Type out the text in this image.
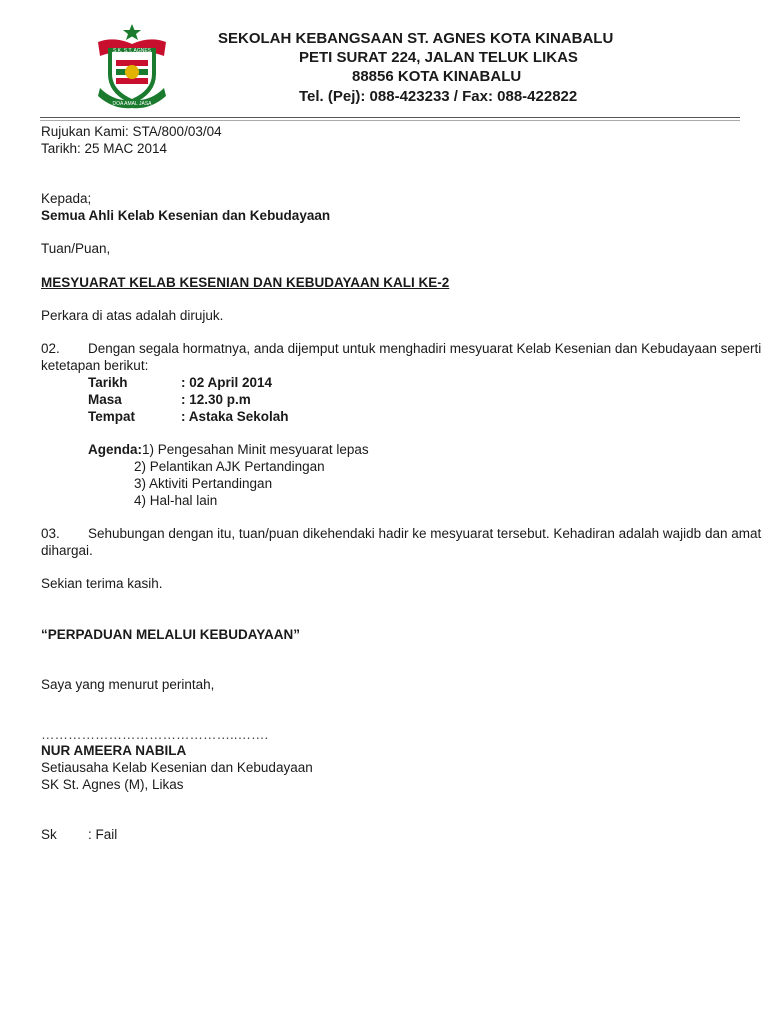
S.K. S.T. AGNES
DOA AMAL JASA
SEKOLAH KEBANGSAAN ST. AGNES KOTA KINABALU
PETI SURAT 224, JALAN TELUK LIKAS
88856 KOTA KINABALU
Tel. (Pej): 088-423233 / Fax: 088-422822
Rujukan Kami: STA/800/03/04
Tarikh: 25 MAC 2014
Kepada;
Semua Ahli Kelab Kesenian dan Kebudayaan
Tuan/Puan,
MESYUARAT KELAB KESENIAN DAN KEBUDAYAAN KALI KE-2
Perkara di atas adalah dirujuk.
02. Dengan segala hormatnya, anda dijemput untuk menghadiri mesyuarat Kelab Kesenian dan Kebudayaan seperti
ketetapan berikut:
Tarikh	: 02 April 2014
Masa	: 12.30 p.m
Tempat	: Astaka Sekolah
Agenda: 1) Pengesahan Minit mesyuarat lepas
2) Pelantikan AJK Pertandingan
3) Aktiviti Pertandingan
4) Hal-hal lain
03. Sehubungan dengan itu, tuan/puan dikehendaki hadir ke mesyuarat tersebut. Kehadiran adalah wajidb dan amat
dihargai.
Sekian terima kasih.
“PERPADUAN MELALUI KEBUDAYAAN”
Saya yang menurut perintah,
……………………………………..…….
NUR AMEERA NABILA
Setiausaha Kelab Kesenian dan Kebudayaan
SK St. Agnes (M), Likas
Sk : Fail
